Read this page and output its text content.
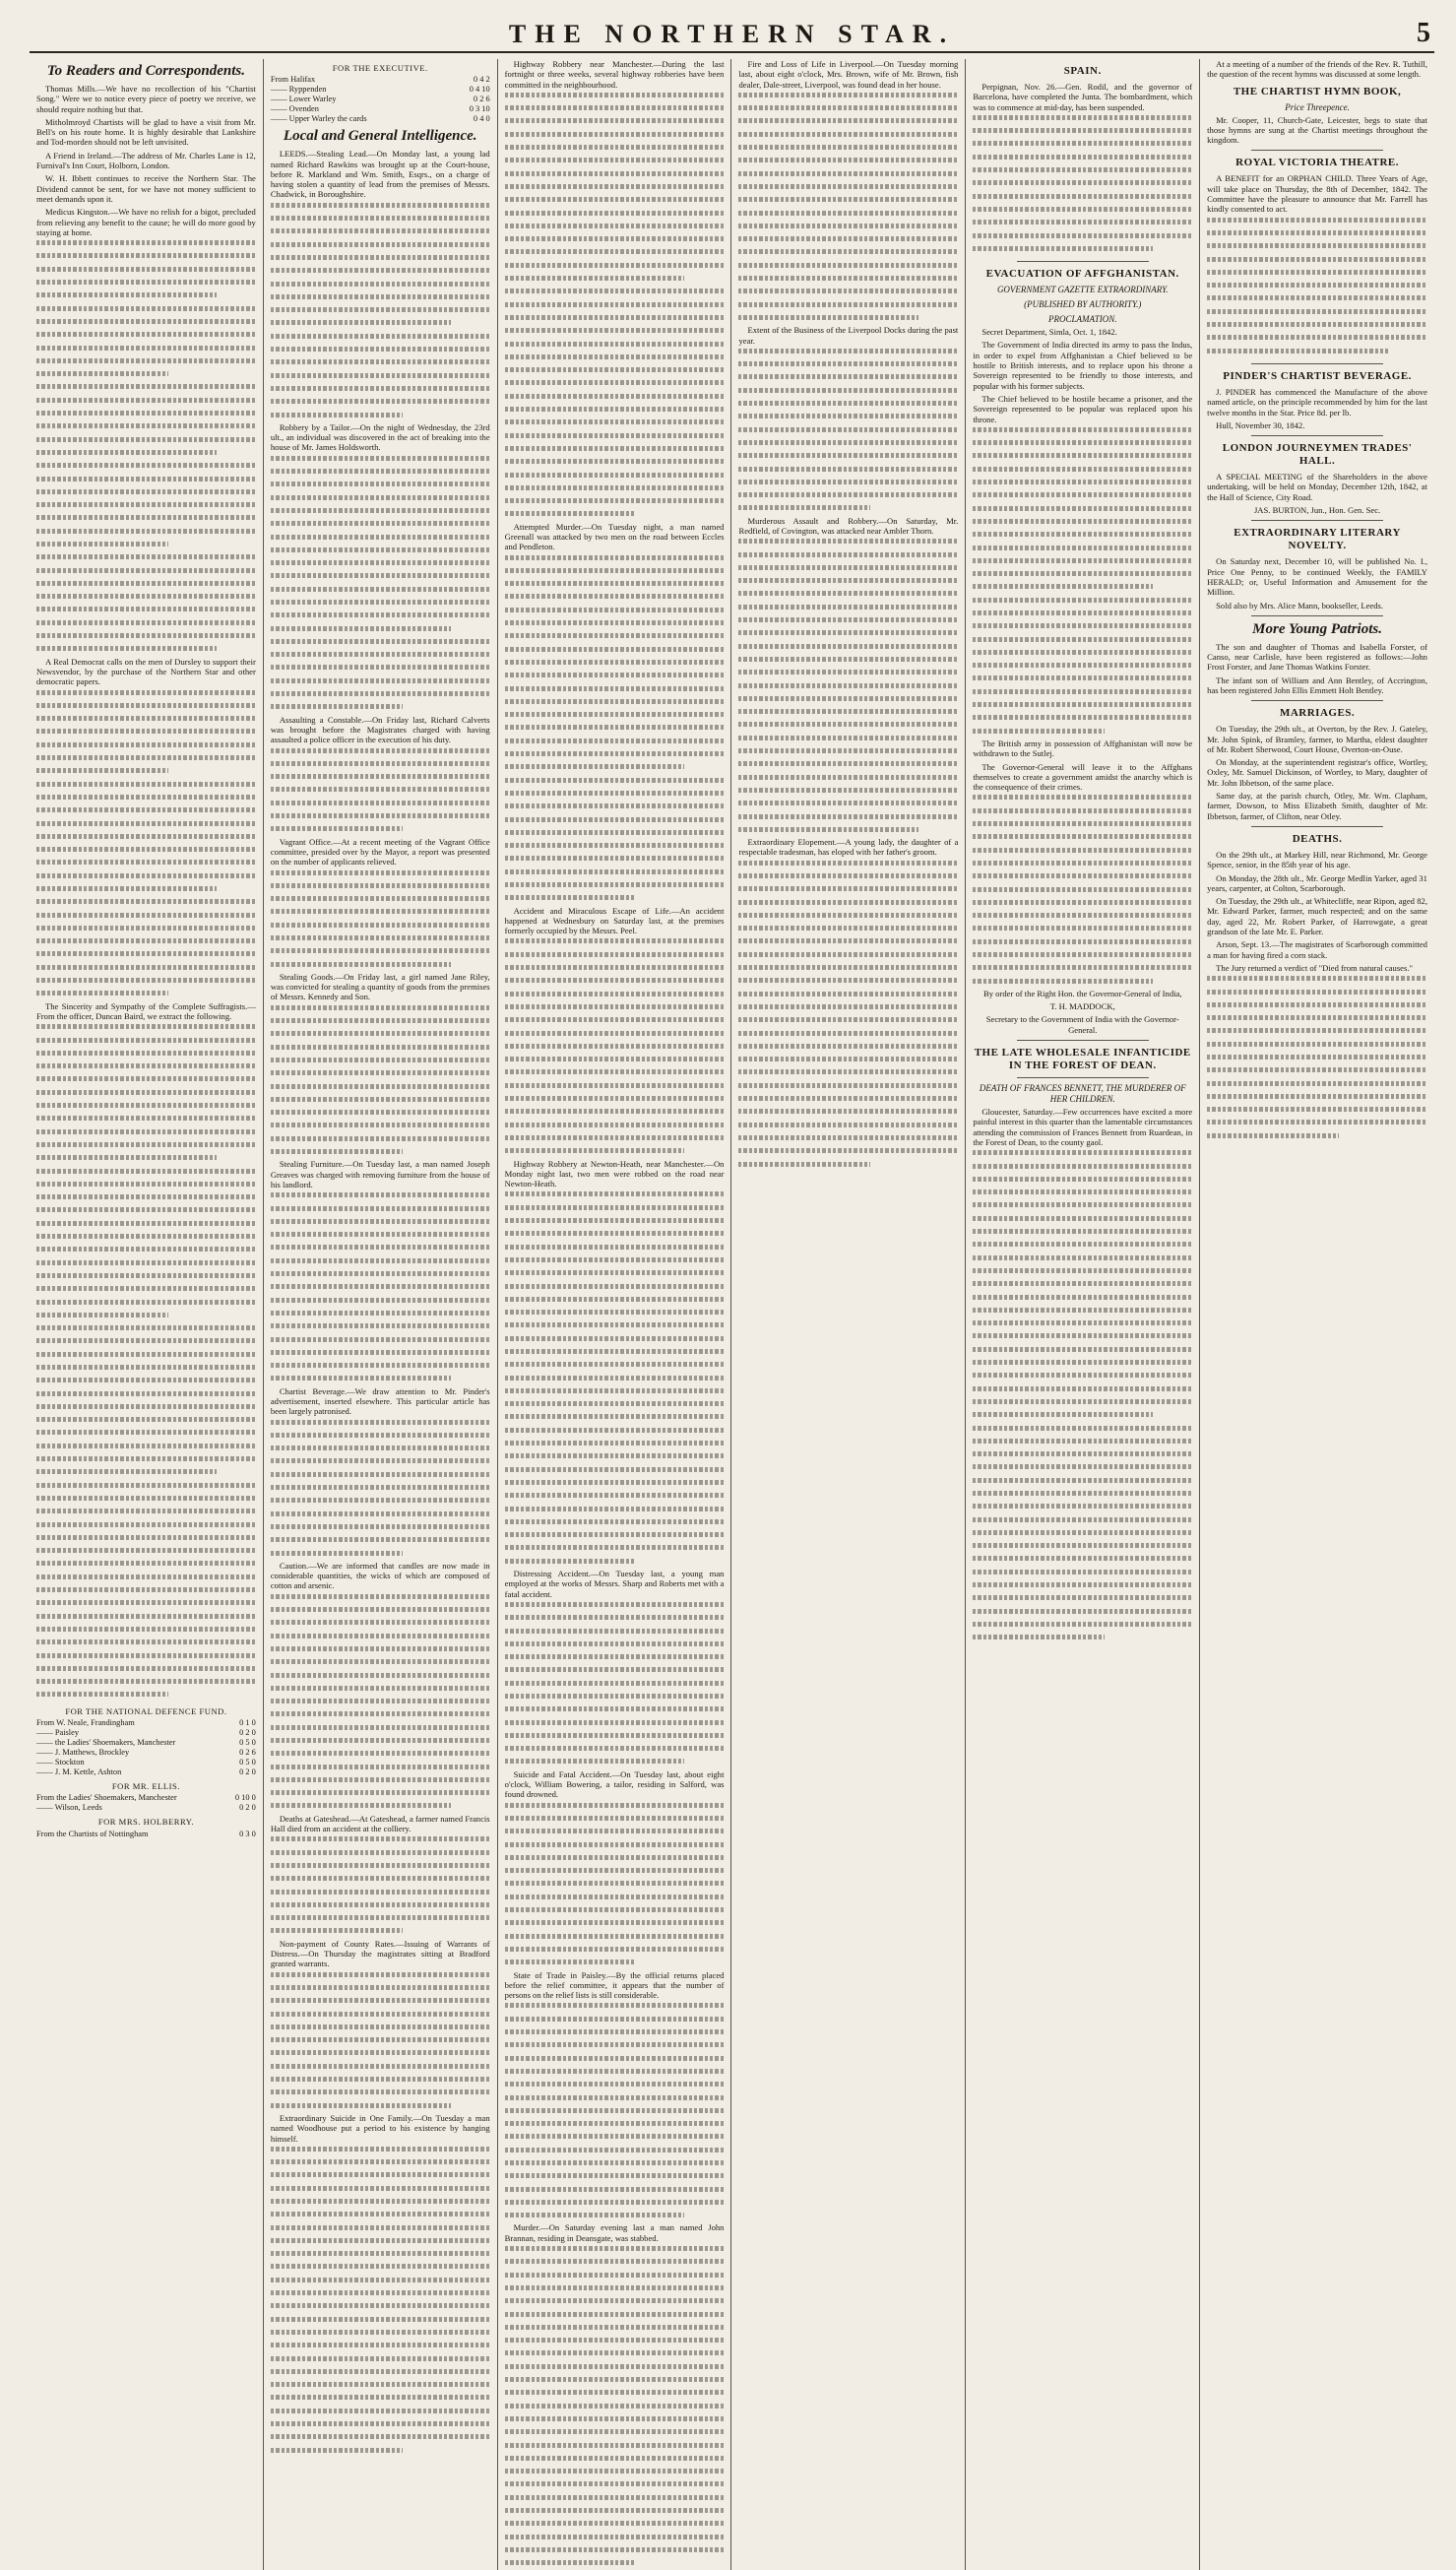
THE NORTHERN STAR.	5
To Readers and Correspondents.

Thomas Mills.—We have no recollection of his "Chartist Song." Were we to notice every piece of poetry we receive, we should require nothing but that.

Mitholmroyd Chartists will be glad to have a visit from Mr. Bell's on his route home. It is highly desirable that Lankshire and Tod-morden should not be left unvisited.

A Friend in Ireland.—The address of Mr. Charles Lane is 12, Furnival's Inn Court, Holborn, London.

W. H. Ibbett continues to receive the Northern Star. The Dividend cannot be sent, for we have not money sufficient to meet demands upon it.

Medicus Kingston.—We have no relish for a bigot, precluded from relieving any benefit to the cause; he will do more good by staying at home.

A Real Democrat calls on the men of Dursley to support their Newsvendor, by the purchase of the Northern Star and other democratic papers.

The Sincerity and Sympathy of the Complete Suffragists.—From the officer, Duncan Baird, we extract the following.

FOR THE NATIONAL DEFENCE FUND.
From W. Neale, Frandingham	0 1 0
—— Paisley	0 2 0
—— the Ladies' Shoemakers, Manchester	0 5 0
—— J. Matthews, Brockley	0 2 6
—— Stockton	0 5 0
—— J. M. Kettle, Ashton	0 2 0
FOR MR. ELLIS.
From the Ladies' Shoemakers, Manchester	0 10 0
—— Wilson, Leeds	0 2 0
FOR MRS. HOLBERRY.
From the Chartists of Nottingham	0 3 0
FOR THE EXECUTIVE.
From Halifax	0 4 2
—— Ryppenden	0 4 10
—— Lower Warley	0 2 6
—— Ovenden	0 3 10
—— Upper Warley the cards	0 4 0
Local and General Intelligence.

LEEDS.—Stealing Lead.—On Monday last, a young lad named Richard Rawkins was brought up at the Court-house, before R. Markland and Wm. Smith, Esqrs., on a charge of having stolen a quantity of lead from the premises of Messrs. Chadwick, in Boroughshire.

Robbery by a Tailor.—On the night of Wednesday, the 23rd ult., an individual was discovered in the act of breaking into the house of Mr. James Holdsworth.

Assaulting a Constable.—On Friday last, Richard Calverts was brought before the Magistrates charged with having assaulted a police officer in the execution of his duty.

Vagrant Office.—At a recent meeting of the Vagrant Office committee, presided over by the Mayor, a report was presented on the number of applicants relieved.

Stealing Goods.—On Friday last, a girl named Jane Riley, was convicted for stealing a quantity of goods from the premises of Messrs. Kennedy and Son.

Stealing Furniture.—On Tuesday last, a man named Joseph Greaves was charged with removing furniture from the house of his landlord.

Chartist Beverage.—We draw attention to Mr. Pinder's advertisement, inserted elsewhere. This particular article has been largely patronised.

Caution.—We are informed that candles are now made in considerable quantities, the wicks of which are composed of cotton and arsenic.

Deaths at Gateshead.—At Gateshead, a farmer named Francis Hall died from an accident at the colliery.

Non-payment of County Rates.—Issuing of Warrants of Distress.—On Thursday the magistrates sitting at Bradford granted warrants.

Extraordinary Suicide in One Family.—On Tuesday a man named Woodhouse put a period to his existence by hanging himself.

Highway Robbery near Manchester.—During the last fortnight or three weeks, several highway robberies have been committed in the neighbourhood.

Attempted Murder.—On Tuesday night, a man named Greenall was attacked by two men on the road between Eccles and Pendleton.

Accident and Miraculous Escape of Life.—An accident happened at Wednesbury on Saturday last, at the premises formerly occupied by the Messrs. Peel.

Highway Robbery at Newton-Heath, near Manchester.—On Monday night last, two men were robbed on the road near Newton-Heath.

Distressing Accident.—On Tuesday last, a young man employed at the works of Messrs. Sharp and Roberts met with a fatal accident.

Suicide and Fatal Accident.—On Tuesday last, about eight o'clock, William Bowering, a tailor, residing in Salford, was found drowned.

State of Trade in Paisley.—By the official returns placed before the relief committee, it appears that the number of persons on the relief lists is still considerable.

Murder.—On Saturday evening last a man named John Brannan, residing in Deansgate, was stabbed.

Fire and Loss of Life in Liverpool.—On Tuesday morning last, about eight o'clock, Mrs. Brown, wife of Mr. Brown, fish dealer, Dale-street, Liverpool, was found dead in her house.

Extent of the Business of the Liverpool Docks during the past year.

Murderous Assault and Robbery.—On Saturday, Mr. Redfield, of Covington, was attacked near Ambler Thorn.

Extraordinary Elopement.—A young lady, the daughter of a respectable tradesman, has eloped with her father's groom.

SPAIN.

Perpignan, Nov. 26.—Gen. Rodil, and the governor of Barcelona, have completed the Junta. The bombardment, which was to commence at mid-day, has been suspended.

EVACUATION OF AFFGHANISTAN.
GOVERNMENT GAZETTE EXTRAORDINARY.
(PUBLISHED BY AUTHORITY.)
PROCLAMATION.

Secret Department, Simla, Oct. 1, 1842.

The Government of India directed its army to pass the Indus, in order to expel from Affghanistan a Chief believed to be hostile to British interests, and to replace upon his throne a Sovereign represented to be friendly to those interests, and popular with his former subjects.

The Chief believed to be hostile became a prisoner, and the Sovereign represented to be popular was replaced upon his throne.

The British army in possession of Affghanistan will now be withdrawn to the Sutlej.

The Governor-General will leave it to the Affghans themselves to create a government amidst the anarchy which is the consequence of their crimes.

By order of the Right Hon. the Governor-General of India,

T. H. MADDOCK,

Secretary to the Government of India with the Governor-General.

THE LATE WHOLESALE INFANTICIDE IN THE FOREST OF DEAN.
DEATH OF FRANCES BENNETT, THE MURDERER OF HER CHILDREN.

Gloucester, Saturday.—Few occurrences have excited a more painful interest in this quarter than the lamentable circumstances attending the commission of Frances Bennett from Ruardean, in the Forest of Dean, to the county gaol.

At a meeting of a number of the friends of the Rev. R. Tuthill, the question of the recent hymns was discussed at some length.

THE CHARTIST HYMN BOOK,
Price Threepence.

Mr. Cooper, 11, Church-Gate, Leicester, begs to state that those hymns are sung at the Chartist meetings throughout the kingdom.

ROYAL VICTORIA THEATRE.

A BENEFIT for an ORPHAN CHILD. Three Years of Age, will take place on Thursday, the 8th of December, 1842. The Committee have the pleasure to announce that Mr. Farrell has kindly consented to act.

PINDER'S CHARTIST BEVERAGE.

J. PINDER has commenced the Manufacture of the above named article, on the principle recommended by him for the last twelve months in the Star. Price 8d. per lb.

Hull, November 30, 1842.

LONDON JOURNEYMEN TRADES' HALL.

A SPECIAL MEETING of the Shareholders in the above undertaking, will be held on Monday, December 12th, 1842, at the Hall of Science, City Road.

JAS. BURTON, Jun., Hon. Gen. Sec.

EXTRAORDINARY LITERARY NOVELTY.

On Saturday next, December 10, will be published No. I., Price One Penny, to be continued Weekly, the FAMILY HERALD; or, Useful Information and Amusement for the Million.

Sold also by Mrs. Alice Mann, bookseller, Leeds.

More Young Patriots.

The son and daughter of Thomas and Isabella Forster, of Canso, near Carlisle, have been registered as follows:—John Frost Forster, and Jane Thomas Watkins Forster.

The infant son of William and Ann Bentley, of Accrington, has been registered John Ellis Emmett Holt Bentley.

MARRIAGES.

On Tuesday, the 29th ult., at Overton, by the Rev. J. Gateley, Mr. John Spink, of Bramley, farmer, to Martha, eldest daughter of Mr. Robert Sherwood, Court House, Overton-on-Ouse.

On Monday, at the superintendent registrar's office, Wortley, Oxley, Mr. Samuel Dickinson, of Wortley, to Mary, daughter of Mr. John Ibbetson, of the same place.

Same day, at the parish church, Otley, Mr. Wm. Clapham, farmer, Dowson, to Miss Elizabeth Smith, daughter of Mr. Ibbetson, farmer, of Clifton, near Otley.

DEATHS.

On the 29th ult., at Markey Hill, near Richmond, Mr. George Spence, senior, in the 85th year of his age.

On Monday, the 28th ult., Mr. George Medlin Yarker, aged 31 years, carpenter, at Colton, Scarborough.

On Tuesday, the 29th ult., at Whitecliffe, near Ripon, aged 82, Mr. Edward Parker, farmer, much respected; and on the same day, aged 22, Mr. Robert Parker, of Harrowgate, a great grandson of the late Mr. E. Parker.

Arson, Sept. 13.—The magistrates of Scarborough committed a man for having fired a corn stack.

The Jury returned a verdict of "Died from natural causes."
